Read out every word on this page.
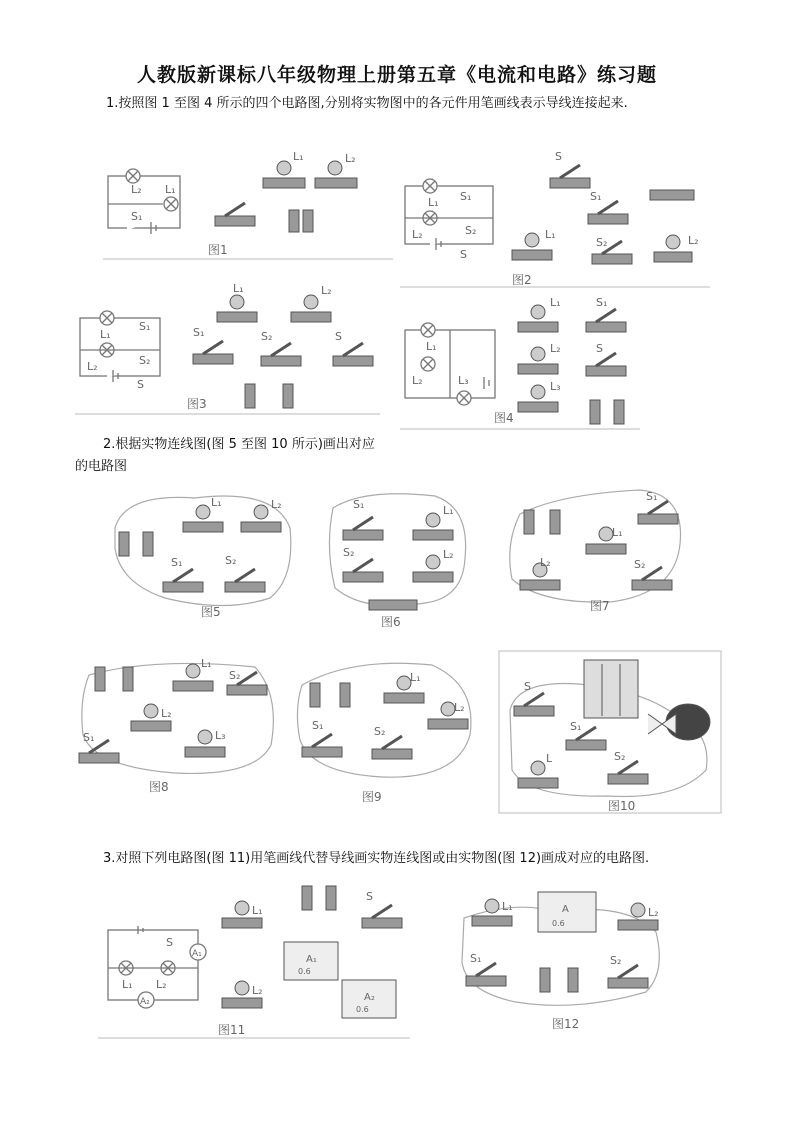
人教版新课标八年级物理上册第五章《电流和电路》练习题
1.按照图 1 至图 4 所示的四个电路图,分别将实物图中的各元件用笔画线表示导线连接起来.
L₂ L₁
S₁
L₁	L₂
图1
L₁
L₂
S₁
S₂
S
S
S₁
L₁
S₂	L₂
图2
L₁
L₂
S₁
S₂
S
L₁	L₂
S₁	S₂	S
图3
L₁
L₂	L₃
L₁	S₁
L₂	S
L₃
图4
2.根据实物连线图(图 5 至图 10 所示)画出对应
的电路图
L₁	L₂
S₁	S₂
图5
S₁	L₁
S₂	L₂
图6
S₁
L₁
L₂	S₂
图7
L₁
S₂
L₂
L₃
S₁
图8
L₁
L₂
S₁	S₂
图9
S
S₁
L	S₂
图10
3.对照下列电路图(图 11)用笔画线代替导线画实物连线图或由实物图(图 12)画成对应的电路图.
S
A₁
L₁ L₂
A₂
L₁
S
A₁
0.6
L₂
A₂
0.6
图11
L₁	A
0.6
L₂
S₁	S₂
图12
